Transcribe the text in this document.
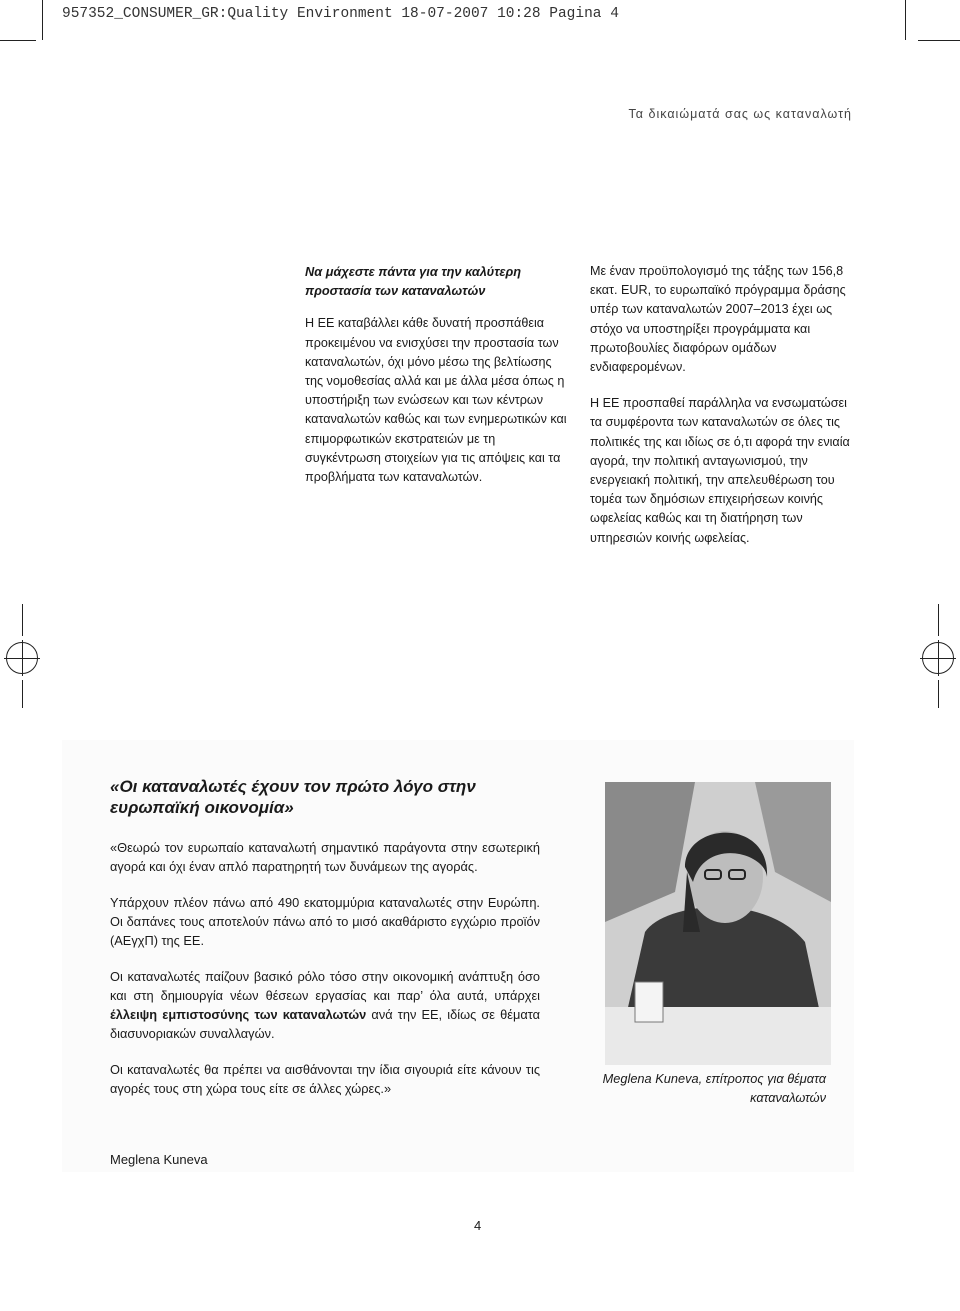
957352_CONSUMER_GR:Quality Environment 18-07-2007 10:28 Pagina 4
Τα δικαιώματά σας ως καταναλωτή
Να μάχεστε πάντα για την καλύτερη προστασία των καταναλωτών

Η ΕΕ καταβάλλει κάθε δυνατή προσπάθεια προκειμένου να ενισχύσει την προστασία των καταναλωτών, όχι μόνο μέσω της βελτίωσης της νομοθεσίας αλλά και με άλλα μέσα όπως η υποστήριξη των ενώσεων και των κέντρων καταναλωτών καθώς και των ενημερωτικών και επιμορφωτικών εκστρατειών με τη συγκέντρωση στοιχείων για τις απόψεις και τα προβλήματα των καταναλωτών.

Με έναν προϋπολογισμό της τάξης των 156,8 εκατ. EUR, το ευρωπαϊκό πρόγραμμα δράσης υπέρ των καταναλωτών 2007–2013 έχει ως στόχο να υποστηρίξει προγράμματα και πρωτοβουλίες διαφόρων ομάδων ενδιαφερομένων.

Η ΕΕ προσπαθεί παράλληλα να ενσωματώσει τα συμφέροντα των καταναλωτών σε όλες τις πολιτικές της και ιδίως σε ό,τι αφορά την ενιαία αγορά, την πολιτική ανταγωνισμού, την ενεργειακή πολιτική, την απελευθέρωση του τομέα των δημόσιων επιχειρήσεων κοινής ωφελείας καθώς και τη διατήρηση των υπηρεσιών κοινής ωφελείας.

«Οι καταναλωτές έχουν τον πρώτο λόγο στην ευρωπαϊκή οικονομία»

«Θεωρώ τον ευρωπαίο καταναλωτή σημαντικό παράγοντα στην εσωτερική αγορά και όχι έναν απλό παρατηρητή των δυνάμεων της αγοράς.

Υπάρχουν πλέον πάνω από 490 εκατομμύρια καταναλωτές στην Ευρώπη. Οι δαπάνες τους αποτελούν πάνω από το μισό ακαθάριστο εγχώριο προϊόν (ΑΕγχΠ) της ΕΕ.

Οι καταναλωτές παίζουν βασικό ρόλο τόσο στην οικονομική ανάπτυξη όσο και στη δημιουργία νέων θέσεων εργασίας και παρ’ όλα αυτά, υπάρχει έλλειψη εμπιστοσύνης των καταναλωτών ανά την ΕΕ, ιδίως σε θέματα διασυνοριακών συναλλαγών.

Οι καταναλωτές θα πρέπει να αισθάνονται την ίδια σιγουριά είτε κάνουν τις αγορές τους στη χώρα τους είτε σε άλλες χώρες.»

Meglena Kuneva
Meglena Kuneva, επίτροπος για θέματα καταναλωτών
4
